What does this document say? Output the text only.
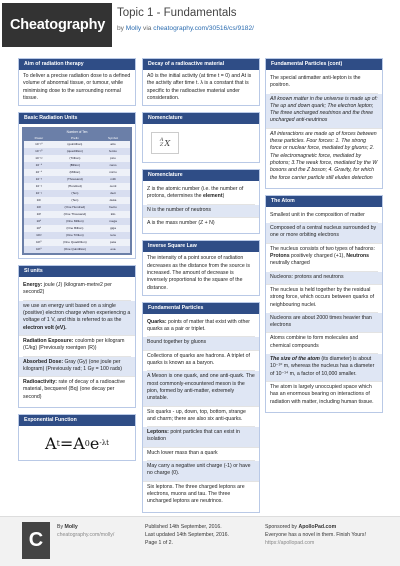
Cheatography
Topic 1 - Fundamentals
by Molly via cheatography.com/30516/cs/9182/
Aim of radiation therapy
To deliver a precise radiation dose to a defined volume of abnormal tissue, or tumour, while minimising dose to the surrounding normal tissue.
Basic Radiation Units
Number of Ten
Power	Prefix	Symbol
10⁻¹⁸	(quintillion)	atto
10⁻¹⁵	(quadrillion)	femto
10⁻¹²	(Trillion)	pico
10⁻⁹	(Billion)	nano
10⁻⁶	(Million)	micro
10⁻³	(Thousand)	milli
10⁻²	(Hundred)	centi
10⁻¹	(Ten)	deci
10¹	(Ten)	deka
10²	(One Hundred)	hecto
10³	(One Thousand)	kilo
10⁶	(One Million)	mega
10⁹	(One Billion)	giga
10¹²	(One Trillion)	tera
10¹⁵	(One Quadrillion)	peta
10¹⁸	(One Quintillion)	exa
SI units
Energy: joule (J) (kilogram-metre2 per second2)
we use an energy unit based on a single (positive) electron charge when experiencing a voltage of 1 V, and this is referred to as the electron volt (eV).
Radiation Exposure: coulomb per kilogram (C/kg) (Previously roentgen (R))
Absorbed Dose: Gray (Gy) (one joule per kilogram) (Previously rad; 1 Gy = 100 rads)
Radioactivity: rate of decay of a radioactive material, becquerel (Bq) (one decay per second)
Exponential Function
A t =A 0 e -λt
Decay of a radioactive material
A0 is the initial activity (at time t = 0) and At is the activity after time t. λ is a constant that is specific to the radioactive material under consideration.
Nomenclature
A
Z X
Nomenclature
Z is the atomic number (i.e. the number of protons, determines the element)
N is the number of neutrons
A is the mass number (Z + N)
Inverse Square Law
The intensity of a point source of radiation decreases as the distance from the source is increased. The amount of decrease is inversely proportional to the square of the distance.
Fundamental Particles
Quarks: points of matter that exist with other quarks as a pair or triplet.
Bound together by gluons
Collections of quarks are hadrons. A triplet of quarks is known as a baryon.
A Meson is one quark, and one anti-quark. The most commonly-encountered meson is the pion, formed by anti-matter, extremely unstable.
Six quarks - up, down, top, bottom, strange and charm; there are also six anti-quarks.
Leptons: point particles that can exist in isolation
Much lower mass than a quark
May carry a negative unit charge (-1) or have no charge (0).
Six leptons. The three charged leptons are electrons, muons and tau. The three uncharged leptons are neutrinos.
Fundamental Particles (cont)
The special antimatter anti-lepton is the positron.
All known matter in the universe is made up of: The up and down quark; The electron lepton; The three uncharged neutrinos and the three uncharged anti-neutrinos
All interactions are made up of forces between these particles. Four forces: 1. The strong force or nuclear force, mediated by gluons; 2. The electromagnetic force, mediated by photons; 3.The weak force, mediated by the W bosons and the Z boson; 4. Gravity, for which the force carrier particle still eludes detection
The Atom
Smallest unit in the composition of matter
Composed of a central nucleus surrounded by one or more orbiting electrons
The nucleus consists of two types of hadrons: Protons positively charged (+1), Neutrons neutrally charged
Nucleons: protons and neutrons
The nucleus is held together by the residual strong force, which occurs between quarks of neighbouring nuclei.
Nucleons are about 2000 times heavier than electrons
Atoms combine to form molecules and chemical compounds
The size of the atom (its diameter) is about 10⁻¹⁰ m, whereas the nucleus has a diameter of 10⁻¹⁴ m, a factor of 10,000 smaller.
The atom is largely unoccupied space which has an enormous bearing on interactions of radiation with matter, including human tissue.
C
By Molly
cheatography.com/molly/
Published 14th September, 2016.
Last updated 14th September, 2016.
Page 1 of 2.
Sponsored by ApolloPad.com
Everyone has a novel in them. Finish Yours!
https://apollopad.com
